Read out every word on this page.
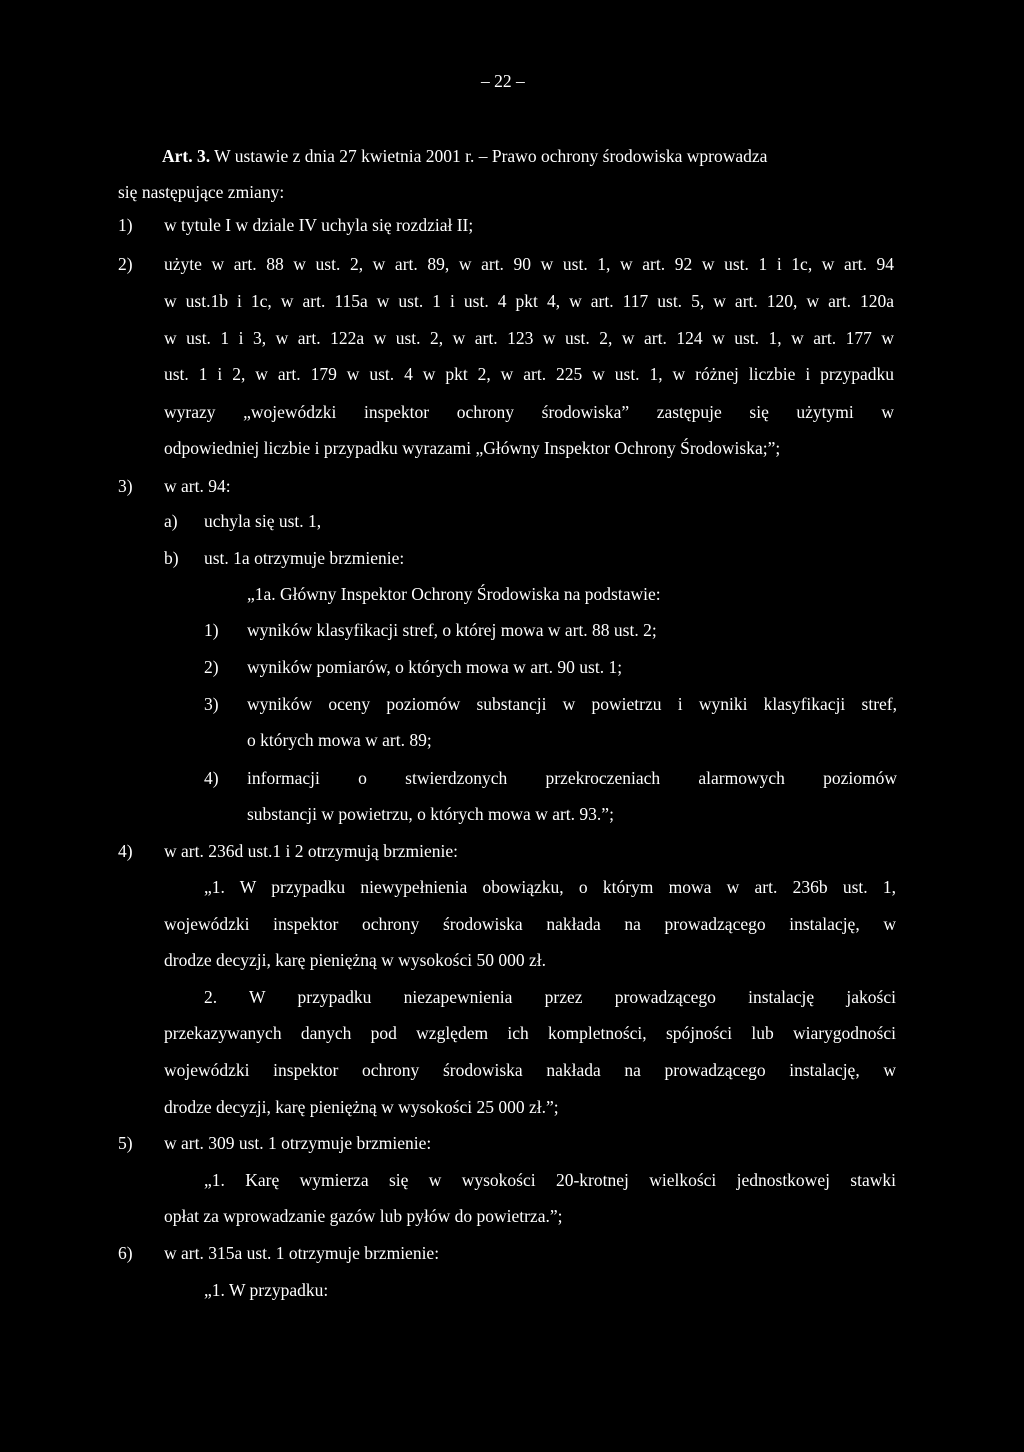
– 22 –
Art. 3. W ustawie z dnia 27 kwietnia 2001 r. – Prawo ochrony środowiska wprowadza
się następujące zmiany:
1) w tytule I w dziale IV uchyla się rozdział II;
2) użyte w art. 88 w ust. 2, w art. 89, w art. 90 w ust. 1, w art. 92 w ust. 1 i 1c, w art. 94
w ust.1b i 1c, w art. 115a w ust. 1 i ust. 4 pkt 4, w art. 117 ust. 5, w art. 120, w art. 120a
w ust. 1 i 3, w art. 122a w ust. 2, w art. 123 w ust. 2, w art. 124 w ust. 1, w art. 177 w
ust. 1 i 2, w art. 179 w ust. 4 w pkt 2, w art. 225 w ust. 1, w różnej liczbie i przypadku
wyrazy „wojewódzki inspektor ochrony środowiska” zastępuje się użytymi w
odpowiedniej liczbie i przypadku wyrazami „Główny Inspektor Ochrony Środowiska;”;
3) w art. 94:
a) uchyla się ust. 1,
b) ust. 1a otrzymuje brzmienie:
„1a. Główny Inspektor Ochrony Środowiska na podstawie:
1) wyników klasyfikacji stref, o której mowa w art. 88 ust. 2;
2) wyników pomiarów, o których mowa w art. 90 ust. 1;
3) wyników oceny poziomów substancji w powietrzu i wyniki klasyfikacji stref,
o których mowa w art. 89;
4) informacji o stwierdzonych przekroczeniach alarmowych poziomów
substancji w powietrzu, o których mowa w art. 93.”;
4) w art. 236d ust.1 i 2 otrzymują brzmienie:
„1. W przypadku niewypełnienia obowiązku, o którym mowa w art. 236b ust. 1,
wojewódzki inspektor ochrony środowiska nakłada na prowadzącego instalację, w
drodze decyzji, karę pieniężną w wysokości 50 000 zł.
2. W przypadku niezapewnienia przez prowadzącego instalację jakości
przekazywanych danych pod względem ich kompletności, spójności lub wiarygodności
wojewódzki inspektor ochrony środowiska nakłada na prowadzącego instalację, w
drodze decyzji, karę pieniężną w wysokości 25 000 zł.”;
5) w art. 309 ust. 1 otrzymuje brzmienie:
„1. Karę wymierza się w wysokości 20-krotnej wielkości jednostkowej stawki
opłat za wprowadzanie gazów lub pyłów do powietrza.”;
6) w art. 315a ust. 1 otrzymuje brzmienie:
„1. W przypadku:
